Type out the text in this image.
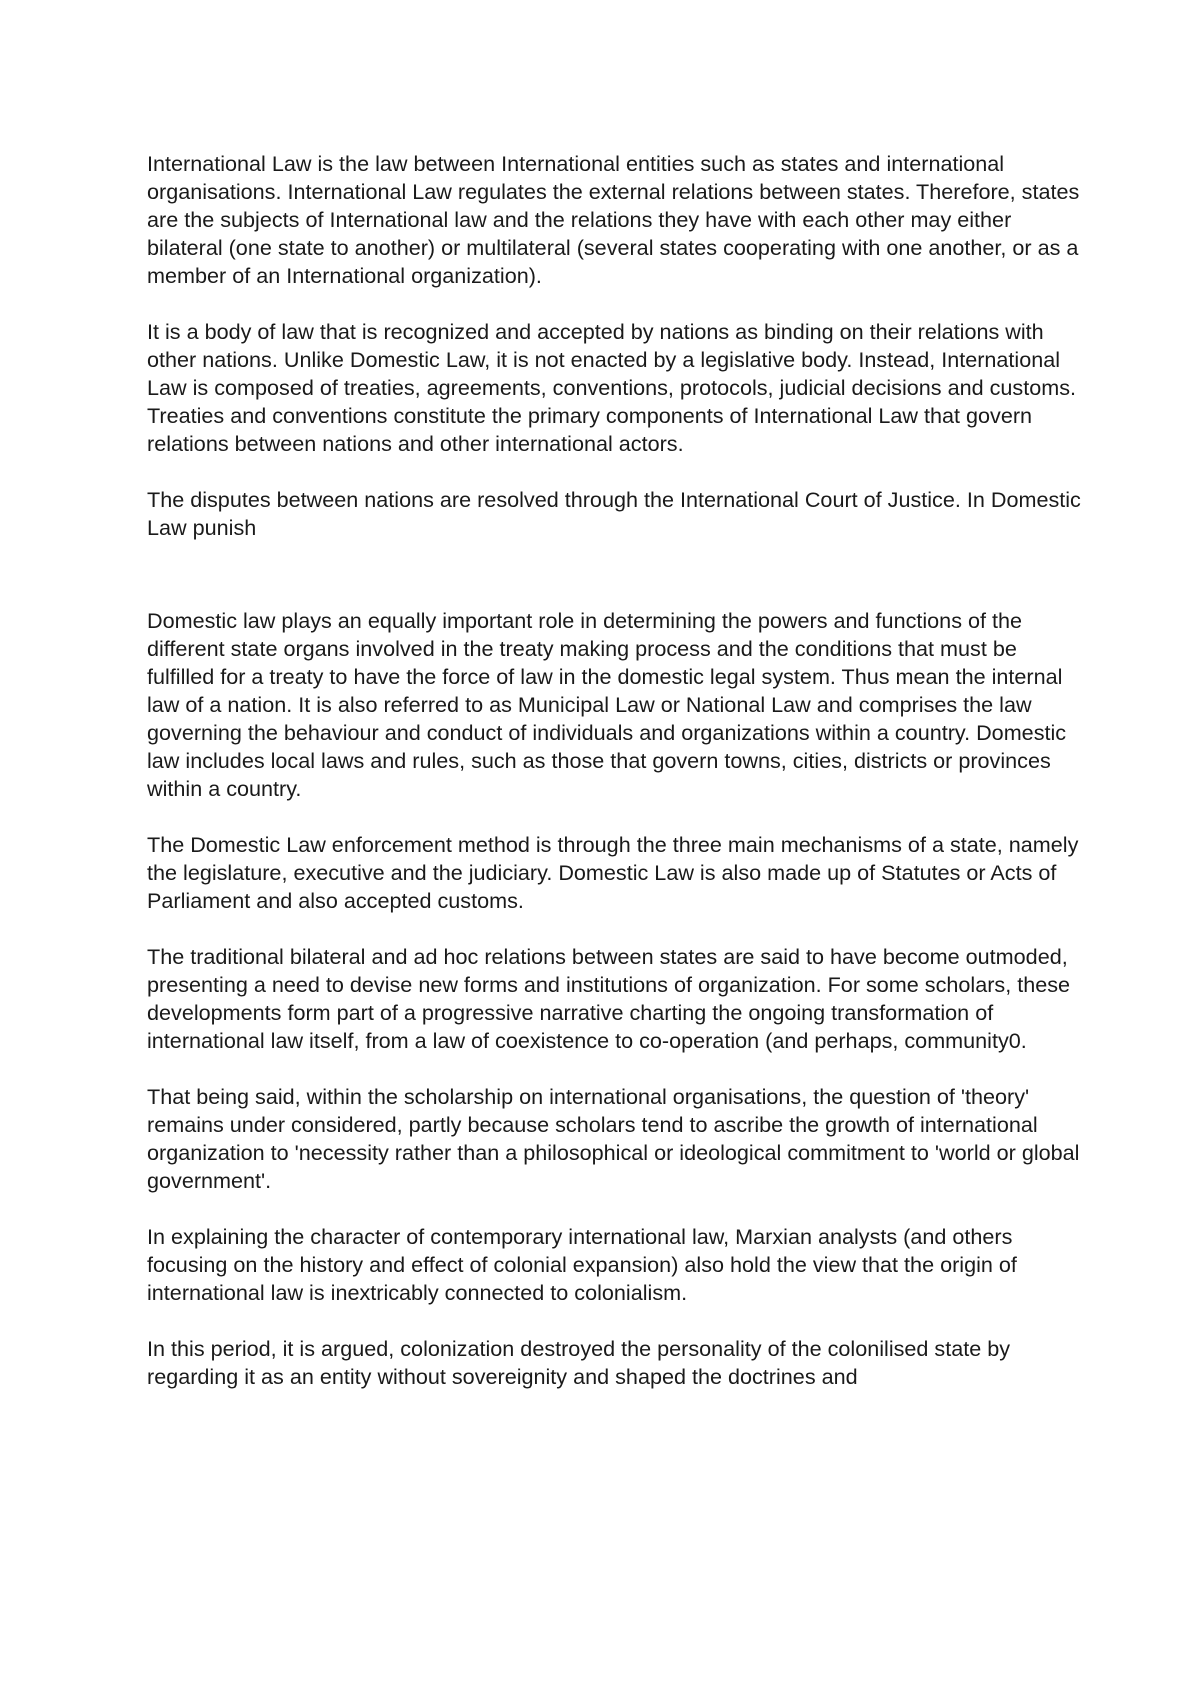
International Law is the law between International entities such as states and international organisations. International Law regulates the external relations between states. Therefore, states are the subjects of International law and the relations they have with each other may either bilateral (one state to another) or multilateral (several states cooperating with one another, or as a member of an International organization).

It is a body of law that is recognized and accepted by nations as binding on their relations with other nations. Unlike Domestic Law, it is not enacted by a legislative body. Instead, International Law is composed of treaties, agreements, conventions, protocols, judicial decisions and customs. Treaties and conventions constitute the primary components of International Law that govern relations between nations and other international actors.

The disputes between nations are resolved through the International Court of Justice. In Domestic Law punish

Domestic law plays an equally important role in determining the powers and functions of the different state organs involved in the treaty making process and the conditions that must be fulfilled for a treaty to have the force of law in the domestic legal system. Thus mean the internal law of a nation. It is also referred to as Municipal Law or National Law and comprises the law governing the behaviour and conduct of individuals and organizations within a country. Domestic law includes local laws and rules, such as those that govern towns, cities, districts or provinces within a country.

The Domestic Law enforcement method is through the three main mechanisms of a state, namely the legislature, executive and the judiciary. Domestic Law is also made up of Statutes or Acts of Parliament and also accepted customs.

The traditional bilateral and ad hoc relations between states are said to have become outmoded, presenting a need to devise new forms and institutions of organization. For some scholars, these developments form part of a progressive narrative charting the ongoing transformation of international law itself, from a law of coexistence to co-operation (and perhaps, community0.

That being said, within the scholarship on international organisations, the question of 'theory' remains under considered, partly because scholars tend to ascribe the growth of international organization to 'necessity rather than a philosophical or ideological commitment to 'world or global government'.

In explaining the character of contemporary international law, Marxian analysts (and others focusing on the history and effect of colonial expansion) also hold the view that the origin of international law is inextricably connected to colonialism.

In this period, it is argued, colonization destroyed the personality of the colonilised state by regarding it as an entity without sovereignity and shaped the doctrines and
